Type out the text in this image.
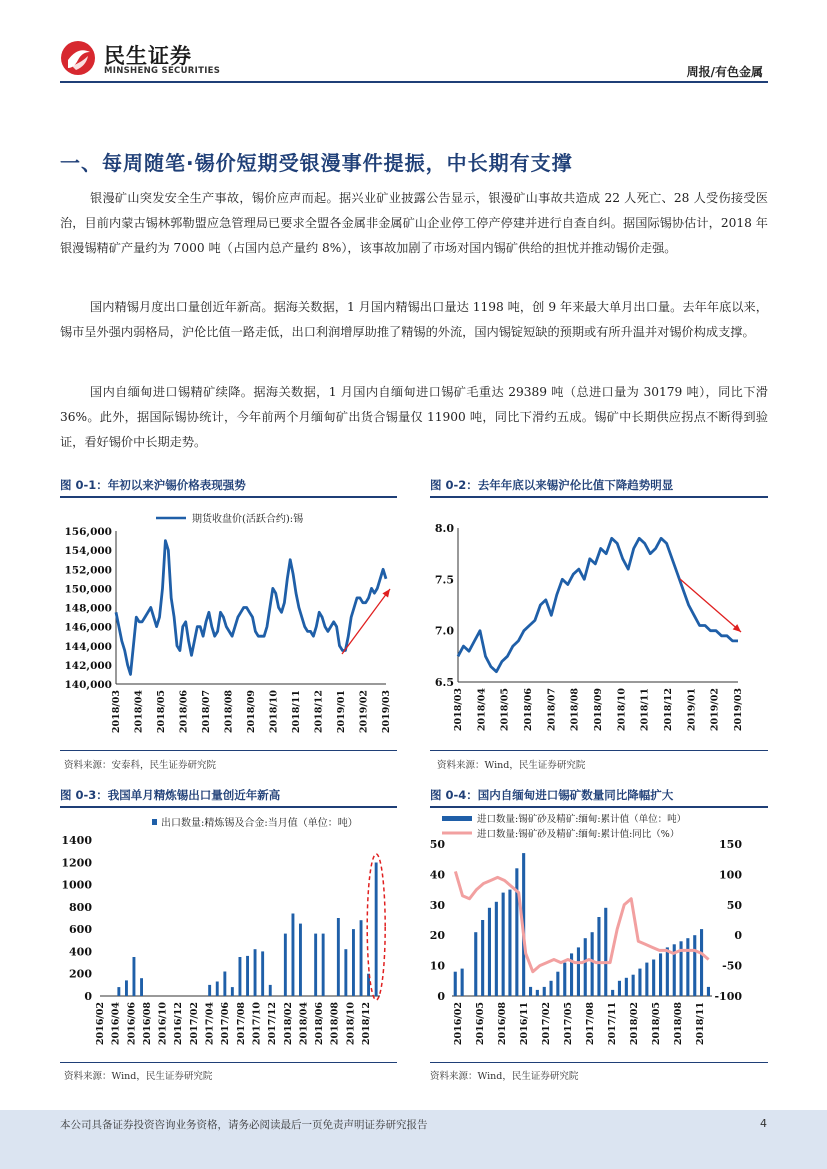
民生证券
MINSHENG SECURITIES	周报/有色金属
一、每周随笔·锡价短期受银漫事件提振，中长期有支撑

银漫矿山突发安全生产事故，锡价应声而起。据兴业矿业披露公告显示，银漫矿山事故共造成 22 人死亡、28 人受伤接受医治，目前内蒙古锡林郭勒盟应急管理局已要求全盟各金属非金属矿山企业停工停产停建并进行自查自纠。据国际锡协估计，2018 年银漫锡精矿产量约为 7000 吨（占国内总产量约 8%），该事故加剧了市场对国内锡矿供给的担忧并推动锡价走强。

国内精锡月度出口量创近年新高。据海关数据，1 月国内精锡出口量达 1198 吨，创 9 年来最大单月出口量。去年年底以来，锡市呈外强内弱格局，沪伦比值一路走低，出口利润增厚助推了精锡的外流，国内锡锭短缺的预期或有所升温并对锡价构成支撑。

国内自缅甸进口锡精矿续降。据海关数据，1 月国内自缅甸进口锡矿毛重达 29389 吨（总进口量为 30179 吨），同比下滑 36%。此外，据国际锡协统计，今年前两个月缅甸矿出货合锡量仅 11900 吨，同比下滑约五成。锡矿中长期供应拐点不断得到验证，看好锡价中长期走势。

图 0-1：年初以来沪锡价格表现强势
期货收盘价(活跃合约):锡
140,000
142,000
144,000
146,000
148,000
150,000
152,000
154,000
156,000
2018/03 2018/04 2018/05 2018/06 2018/07 2018/08 2018/09 2018/10 2018/11 2018/12 2019/01 2019/02 2019/03
资料来源：安泰科，民生证券研究院
图 0-2：去年年底以来锡沪伦比值下降趋势明显
6.5
7.0
7.5
8.0
2018/03 2018/04 2018/05 2018/06 2018/07 2018/08 2018/09 2018/10 2018/11 2018/12 2019/01 2019/02 2019/03
资料来源：Wind，民生证券研究院
图 0-3：我国单月精炼锡出口量创近年新高
出口数量:精炼锡及合金:当月值（单位：吨）
0
200
400
600
800
1000
1200
1400
2016/02 2016/04 2016/06 2016/08 2016/10 2016/12 2017/02 2017/04 2017/06 2017/08 2017/10 2017/12 2018/02 2018/04 2018/06 2018/08 2018/10 2018/12
资料来源：Wind，民生证券研究院
图 0-4：国内自缅甸进口锡矿数量同比降幅扩大
进口数量:锡矿砂及精矿:缅甸:累计值（单位：吨）
进口数量:锡矿砂及精矿:缅甸:累计值:同比（%）
0
10
20
30
40
50
-100
-50
0
50
100
150
2016/02 2016/05 2016/08 2016/11 2017/02 2017/05 2017/08 2017/11 2018/02 2018/05 2018/08 2018/11
资料来源：Wind，民生证券研究院
本公司具备证券投资咨询业务资格，请务必阅读最后一页免责声明证券研究报告	4
